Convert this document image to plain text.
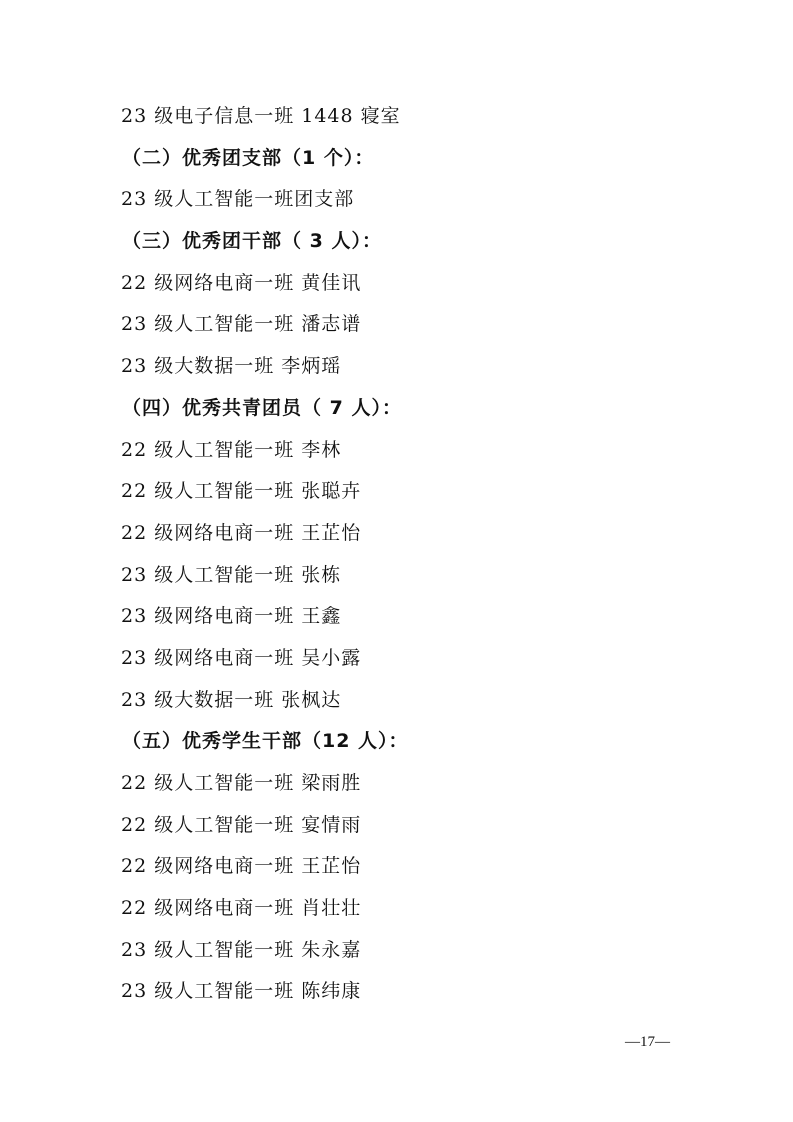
23 级电子信息一班 1448 寝室
（二）优秀团支部（1 个）：
23 级人工智能一班团支部
（三）优秀团干部（ 3 人）：
22 级网络电商一班 黄佳讯
23 级人工智能一班 潘志谱
23 级大数据一班 李炳瑶
（四）优秀共青团员（ 7 人）：
22 级人工智能一班 李林
22 级人工智能一班 张聪卉
22 级网络电商一班 王芷怡
23 级人工智能一班 张栋
23 级网络电商一班 王鑫
23 级网络电商一班 吴小露
23 级大数据一班 张枫达
（五）优秀学生干部（12 人）：
22 级人工智能一班 梁雨胜
22 级人工智能一班 宴情雨
22 级网络电商一班 王芷怡
22 级网络电商一班 肖壮壮
23 级人工智能一班 朱永嘉
23 级人工智能一班 陈纬康
—17—
